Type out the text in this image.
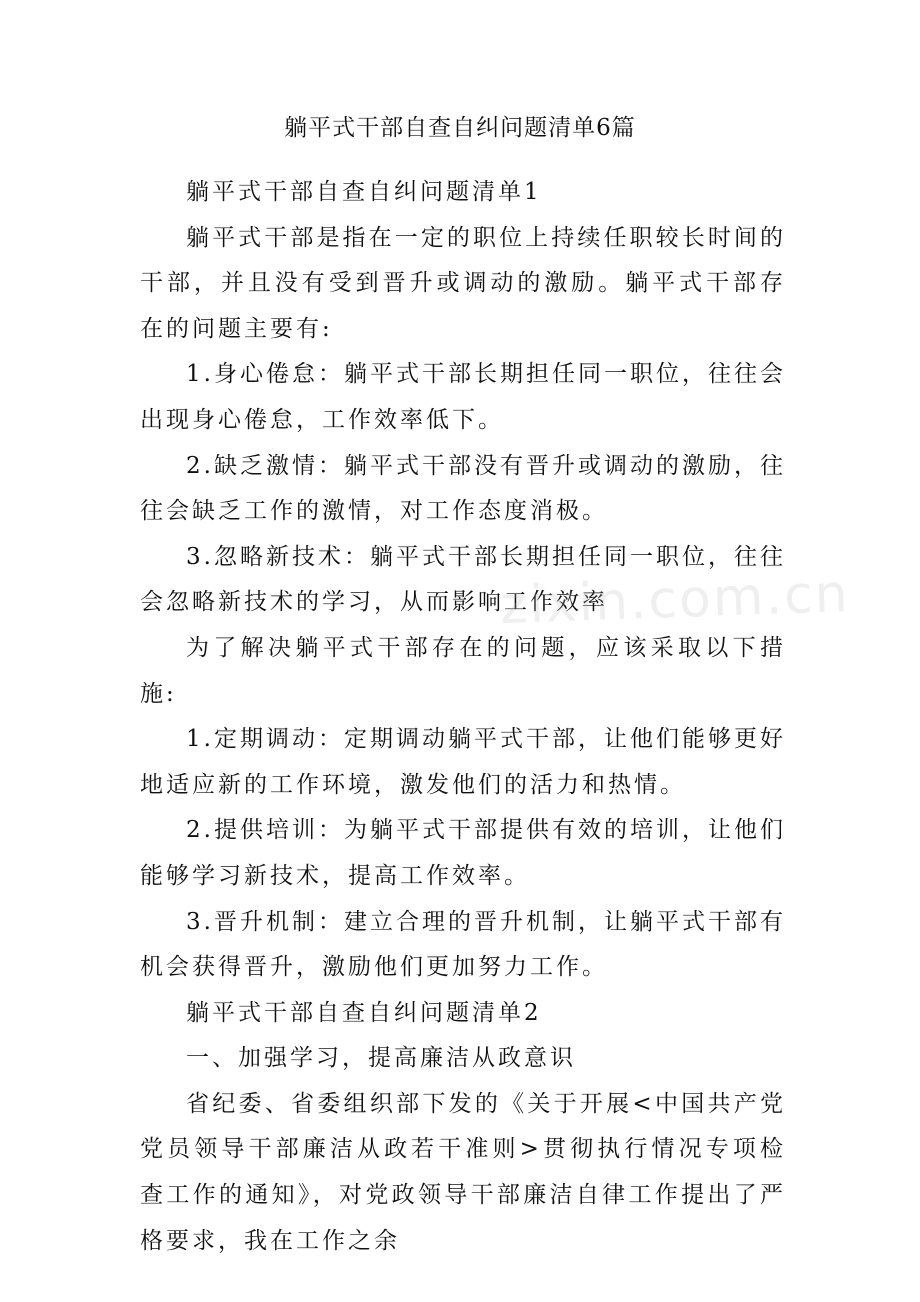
躺平式干部自查自纠问题清单6篇

躺平式干部自查自纠问题清单1

躺平式干部是指在一定的职位上持续任职较长时间的干部，并且没有受到晋升或调动的激励。躺平式干部存在的问题主要有:

1.身心倦怠：躺平式干部长期担任同一职位，往往会出现身心倦怠，工作效率低下。

2.缺乏激情：躺平式干部没有晋升或调动的激励，往往会缺乏工作的激情，对工作态度消极。

3.忽略新技术：躺平式干部长期担任同一职位，往往会忽略新技术的学习，从而影响工作效率

为了解决躺平式干部存在的问题，应该采取以下措施:

1.定期调动：定期调动躺平式干部，让他们能够更好地适应新的工作环境，激发他们的活力和热情。

2.提供培训：为躺平式干部提供有效的培训，让他们能够学习新技术，提高工作效率。

3.晋升机制：建立合理的晋升机制，让躺平式干部有机会获得晋升，激励他们更加努力工作。

躺平式干部自查自纠问题清单2

一、加强学习，提高廉洁从政意识

省纪委、省委组织部下发的《关于开展<中国共产党党员领导干部廉洁从政若干准则>贯彻执行情况专项检查工作的通知》，对党政领导干部廉洁自律工作提出了严格要求，我在工作之余

zixin.com.cn
